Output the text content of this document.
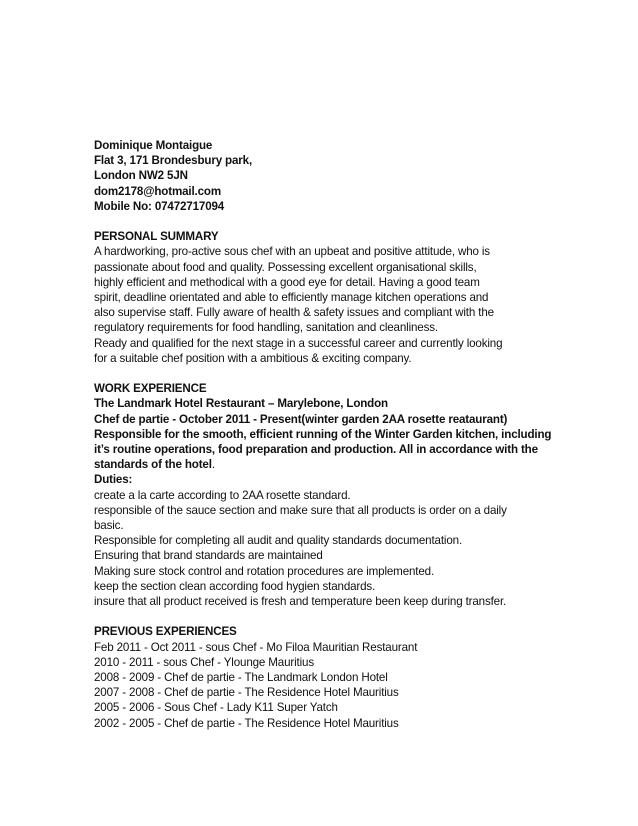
Dominique Montaigue
Flat 3, 171 Brondesbury park,
London NW2 5JN
dom2178@hotmail.com
Mobile No: 07472717094
PERSONAL SUMMARY
A hardworking, pro-active sous chef with an upbeat and positive attitude, who is
passionate about food and quality. Possessing excellent organisational skills,
highly efficient and methodical with a good eye for detail. Having a good team
spirit, deadline orientated and able to efficiently manage kitchen operations and
also supervise staff. Fully aware of health & safety issues and compliant with the
regulatory requirements for food handling, sanitation and cleanliness.
Ready and qualified for the next stage in a successful career and currently looking
for a suitable chef position with a ambitious & exciting company.
WORK EXPERIENCE
The Landmark Hotel Restaurant – Marylebone, London
Chef de partie - October 2011 - Present(winter garden 2AA rosette reataurant)
Responsible for the smooth, efficient running of the Winter Garden kitchen, including
it’s routine operations, food preparation and production. All in accordance with the
standards of the hotel.
Duties:
create a la carte according to 2AA rosette standard.
responsible of the sauce section and make sure that all products is order on a daily
basic.
Responsible for completing all audit and quality standards documentation.
Ensuring that brand standards are maintained
Making sure stock control and rotation procedures are implemented.
keep the section clean according food hygien standards.
insure that all product received is fresh and temperature been keep during transfer.
PREVIOUS EXPERIENCES
Feb 2011 - Oct 2011 - sous Chef - Mo Filoa Mauritian Restaurant
2010 - 2011 - sous Chef - Ylounge Mauritius
2008 - 2009 - Chef de partie - The Landmark London Hotel
2007 - 2008 - Chef de partie - The Residence Hotel Mauritius
2005 - 2006 - Sous Chef - Lady K11 Super Yatch
2002 - 2005 - Chef de partie - The Residence Hotel Mauritius
